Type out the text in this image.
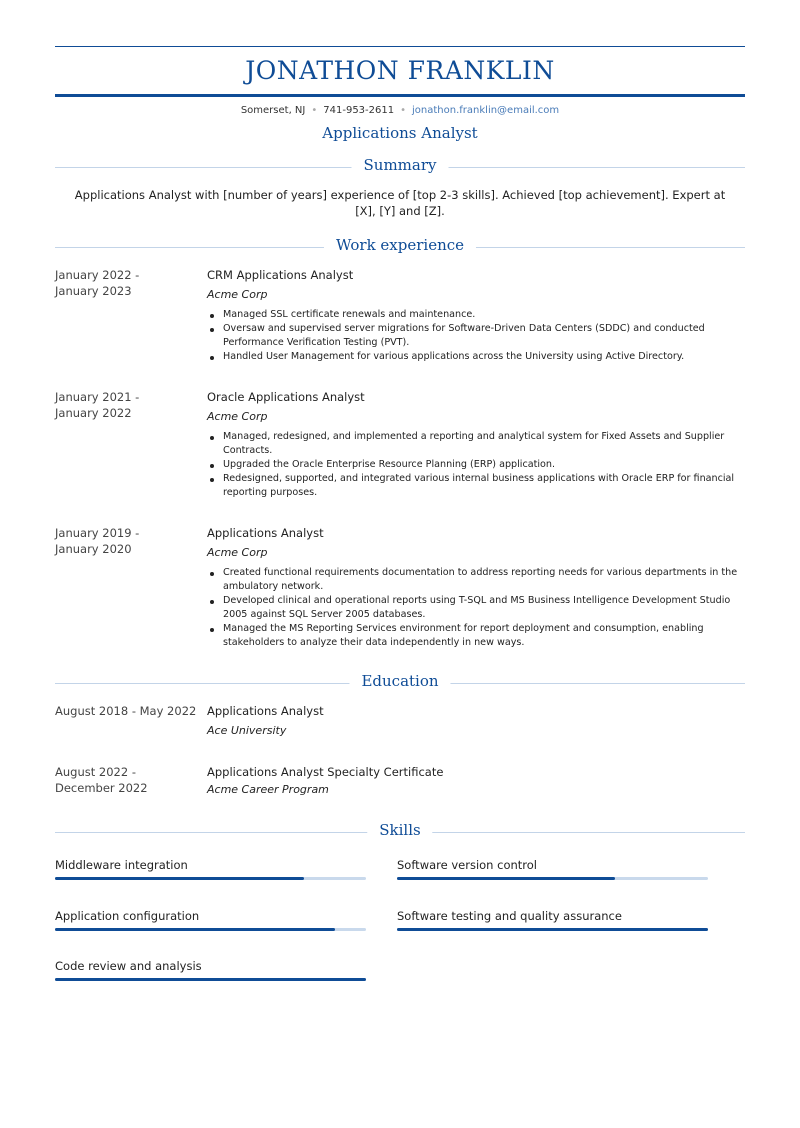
JONATHON FRANKLIN
Somerset, NJ • 741-953-2611 • jonathon.franklin@email.com
Applications Analyst
Summary
Applications Analyst with [number of years] experience of [top 2-3 skills]. Achieved [top achievement]. Expert at [X], [Y] and [Z].
Work experience
January 2022 -
January 2023
CRM Applications Analyst
Acme Corp
Managed SSL certificate renewals and maintenance.
Oversaw and supervised server migrations for Software-Driven Data Centers (SDDC) and conducted Performance Verification Testing (PVT).
Handled User Management for various applications across the University using Active Directory.
January 2021 -
January 2022
Oracle Applications Analyst
Acme Corp
Managed, redesigned, and implemented a reporting and analytical system for Fixed Assets and Supplier Contracts.
Upgraded the Oracle Enterprise Resource Planning (ERP) application.
Redesigned, supported, and integrated various internal business applications with Oracle ERP for financial reporting purposes.
January 2019 -
January 2020
Applications Analyst
Acme Corp
Created functional requirements documentation to address reporting needs for various departments in the ambulatory network.
Developed clinical and operational reports using T-SQL and MS Business Intelligence Development Studio 2005 against SQL Server 2005 databases.
Managed the MS Reporting Services environment for report deployment and consumption, enabling stakeholders to analyze their data independently in new ways.
Education
August 2018 - May 2022 Applications Analyst
Ace University
August 2022 -
December 2022
Applications Analyst Specialty Certificate
Acme Career Program
Skills
Middleware integration	Software version control
Application configuration	Software testing and quality assurance
Code review and analysis
